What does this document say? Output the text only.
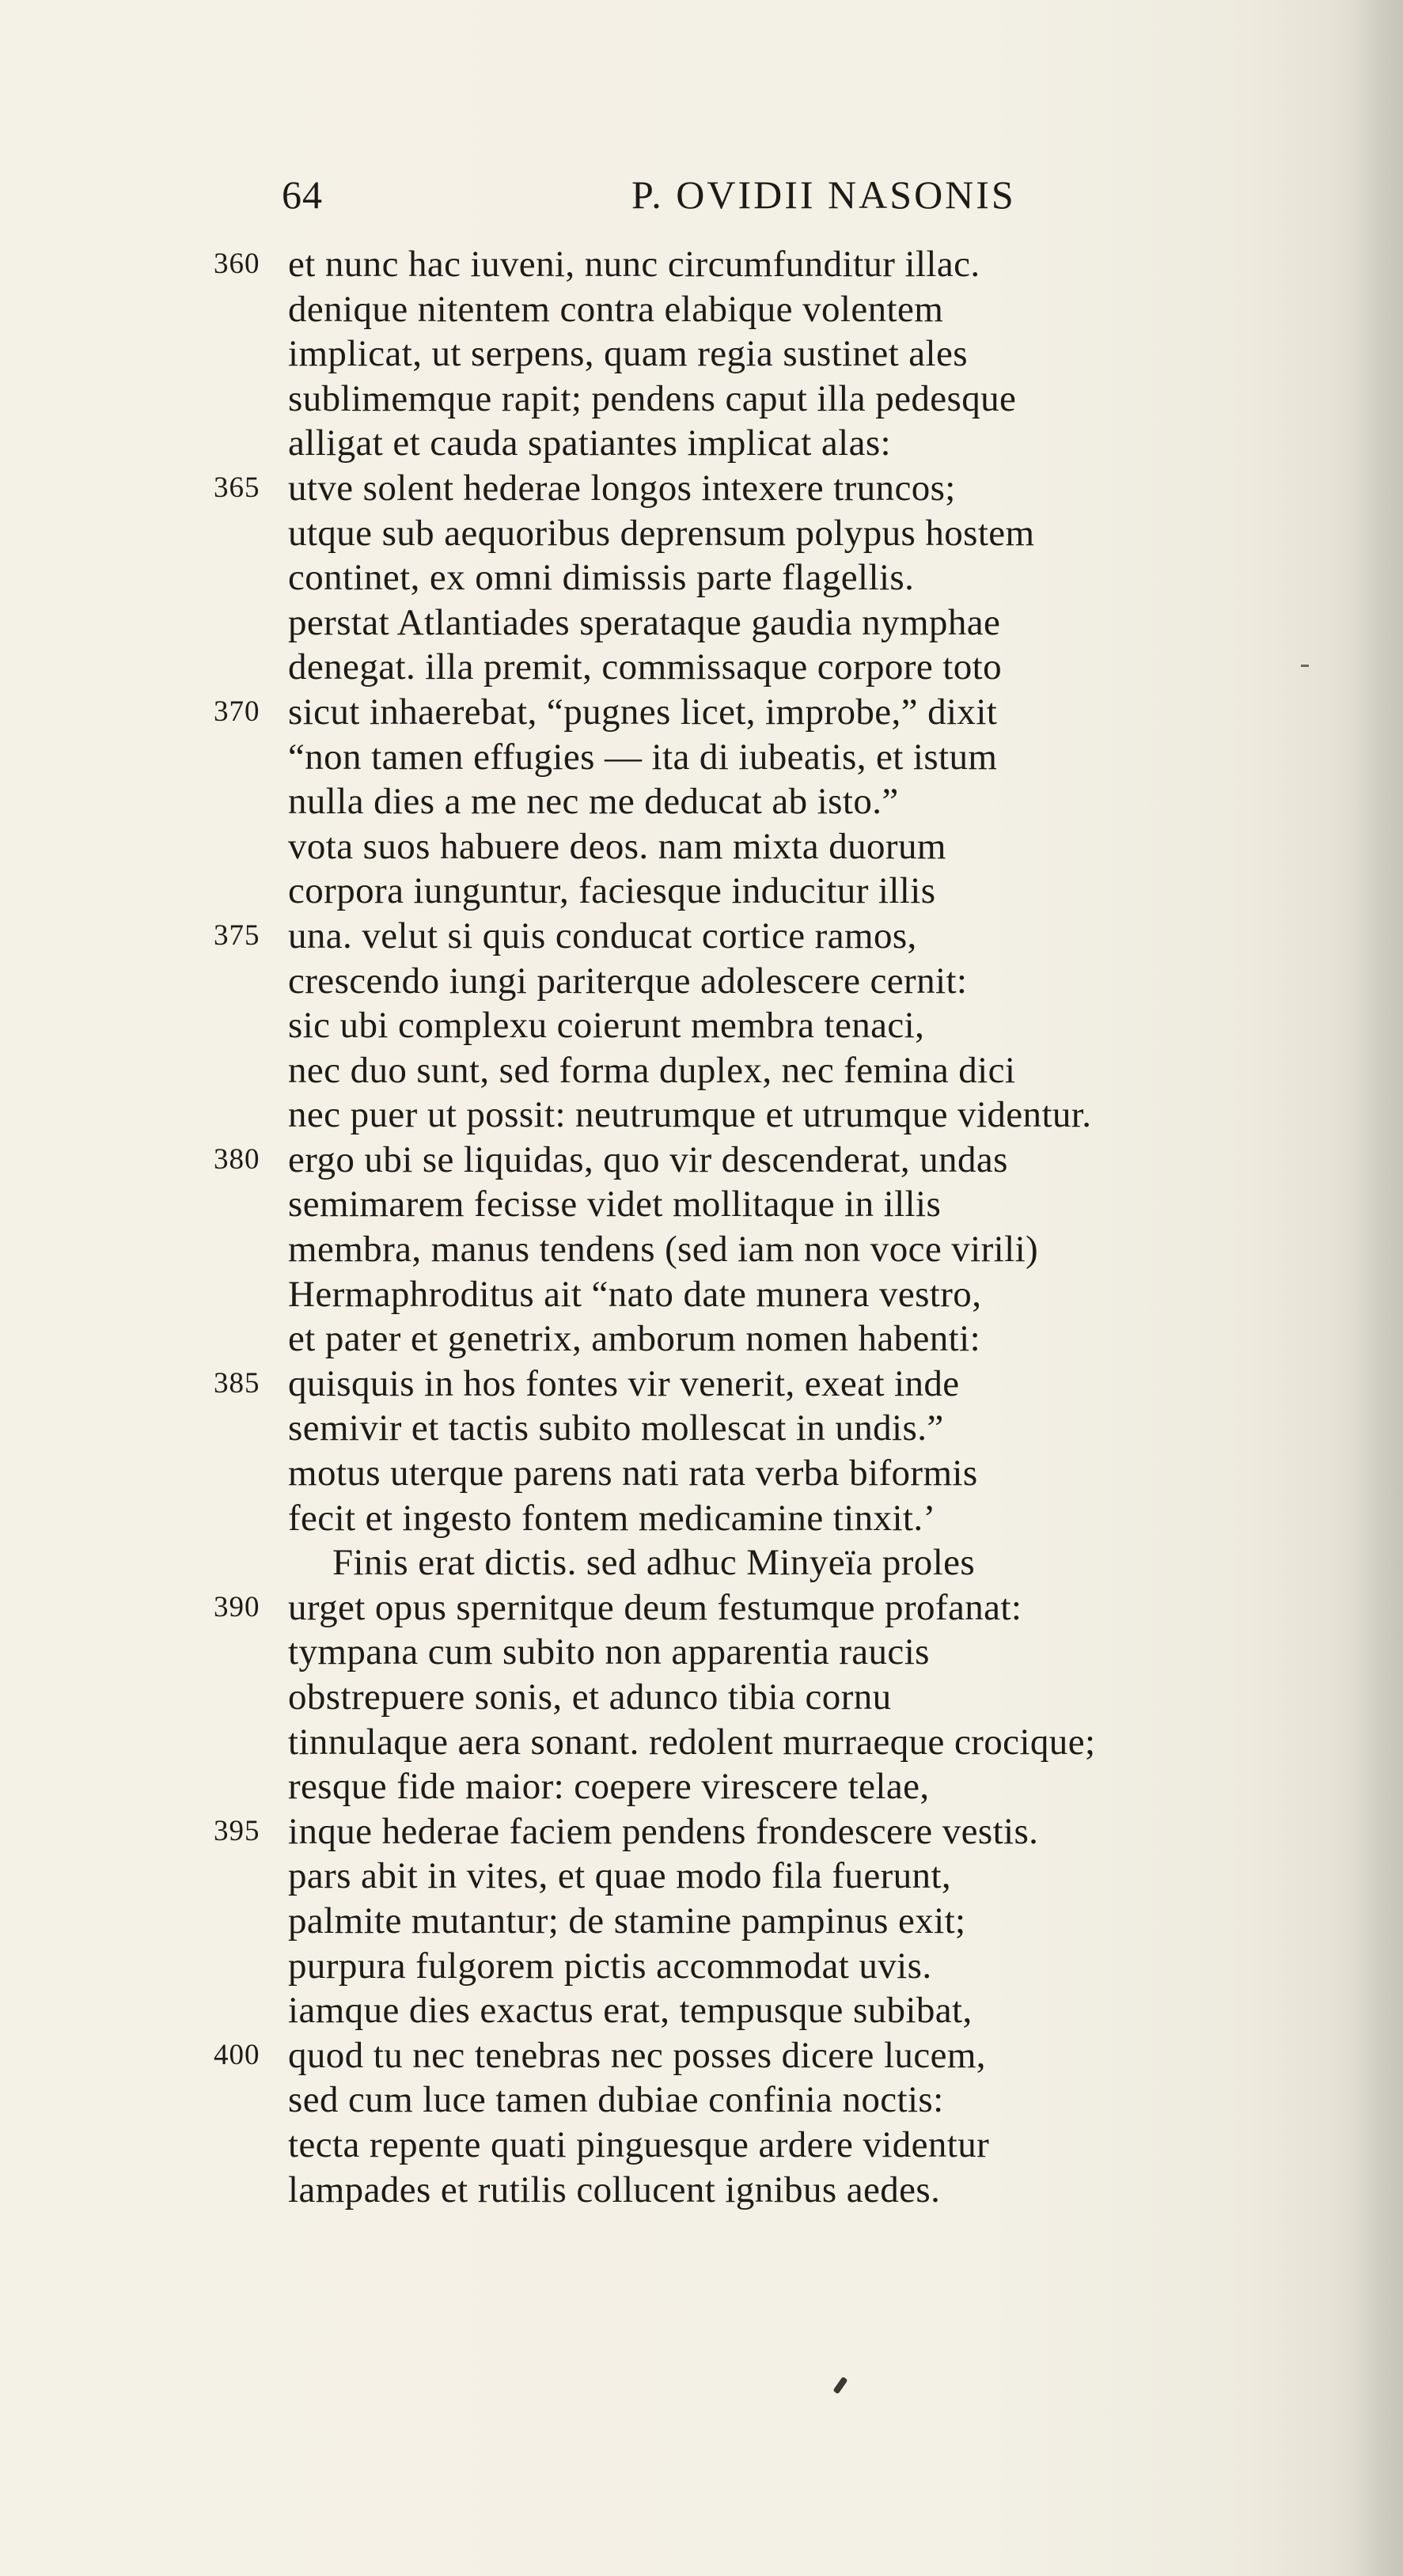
64	P. OVIDII NASONIS
360 et nunc hac iuveni, nunc circumfunditur illac.
denique nitentem contra elabique volentem
implicat, ut serpens, quam regia sustinet ales
sublimemque rapit; pendens caput illa pedesque
alligat et cauda spatiantes implicat alas:
365 utve solent hederae longos intexere truncos;
utque sub aequoribus deprensum polypus hostem
continet, ex omni dimissis parte flagellis.
perstat Atlantiades sperataque gaudia nymphae
denegat. illa premit, commissaque corpore toto
370 sicut inhaerebat, “pugnes licet, improbe,” dixit
“non tamen effugies — ita di iubeatis, et istum
nulla dies a me nec me deducat ab isto.”
vota suos habuere deos. nam mixta duorum
corpora iunguntur, faciesque inducitur illis
375 una. velut si quis conducat cortice ramos,
crescendo iungi pariterque adolescere cernit:
sic ubi complexu coierunt membra tenaci,
nec duo sunt, sed forma duplex, nec femina dici
nec puer ut possit: neutrumque et utrumque videntur.
380 ergo ubi se liquidas, quo vir descenderat, undas
semimarem fecisse videt mollitaque in illis
membra, manus tendens (sed iam non voce virili)
Hermaphroditus ait “nato date munera vestro,
et pater et genetrix, amborum nomen habenti:
385 quisquis in hos fontes vir venerit, exeat inde
semivir et tactis subito mollescat in undis.”
motus uterque parens nati rata verba biformis
fecit et ingesto fontem medicamine tinxit.’
Finis erat dictis. sed adhuc Minyeïa proles
390 urget opus spernitque deum festumque profanat:
tympana cum subito non apparentia raucis
obstrepuere sonis, et adunco tibia cornu
tinnulaque aera sonant. redolent murraeque crocique;
resque fide maior: coepere virescere telae,
395 inque hederae faciem pendens frondescere vestis.
pars abit in vites, et quae modo fila fuerunt,
palmite mutantur; de stamine pampinus exit;
purpura fulgorem pictis accommodat uvis.
iamque dies exactus erat, tempusque subibat,
400 quod tu nec tenebras nec posses dicere lucem,
sed cum luce tamen dubiae confinia noctis:
tecta repente quati pinguesque ardere videntur
lampades et rutilis collucent ignibus aedes.
